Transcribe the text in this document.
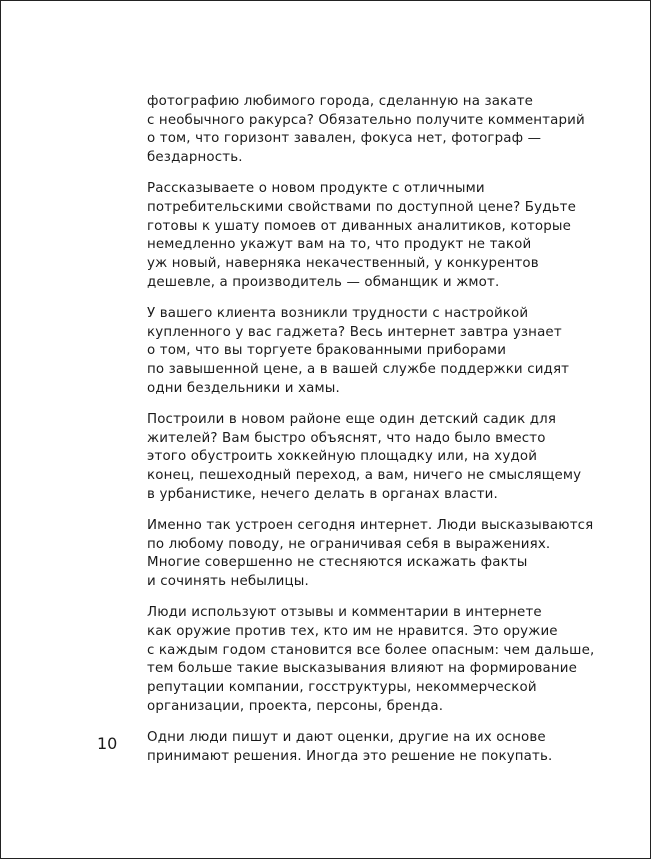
фотографию любимого города, сделанную на закате
с необычного ракурса? Обязательно получите комментарий
о том, что горизонт завален, фокуса нет, фотограф —
бездарность.

Рассказываете о новом продукте с отличными
потребительскими свойствами по доступной цене? Будьте
готовы к ушату помоев от диванных аналитиков, которые
немедленно укажут вам на то, что продукт не такой
уж новый, наверняка некачественный, у конкурентов
дешевле, а производитель — обманщик и жмот.

У вашего клиента возникли трудности с настройкой
купленного у вас гаджета? Весь интернет завтра узнает
о том, что вы торгуете бракованными приборами
по завышенной цене, а в вашей службе поддержки сидят
одни бездельники и хамы.

Построили в новом районе еще один детский садик для
жителей? Вам быстро объяснят, что надо было вместо
этого обустроить хоккейную площадку или, на худой
конец, пешеходный переход, а вам, ничего не смыслящему
в урбанистике, нечего делать в органах власти.

Именно так устроен сегодня интернет. Люди высказываются
по любому поводу, не ограничивая себя в выражениях.
Многие совершенно не стесняются искажать факты
и сочинять небылицы.

Люди используют отзывы и комментарии в интернете
как оружие против тех, кто им не нравится. Это оружие
с каждым годом становится все более опасным: чем дальше,
тем больше такие высказывания влияют на формирование
репутации компании, госструктуры, некоммерческой
организации, проекта, персоны, бренда.

Одни люди пишут и дают оценки, другие на их основе
принимают решения. Иногда это решение не покупать.

10
